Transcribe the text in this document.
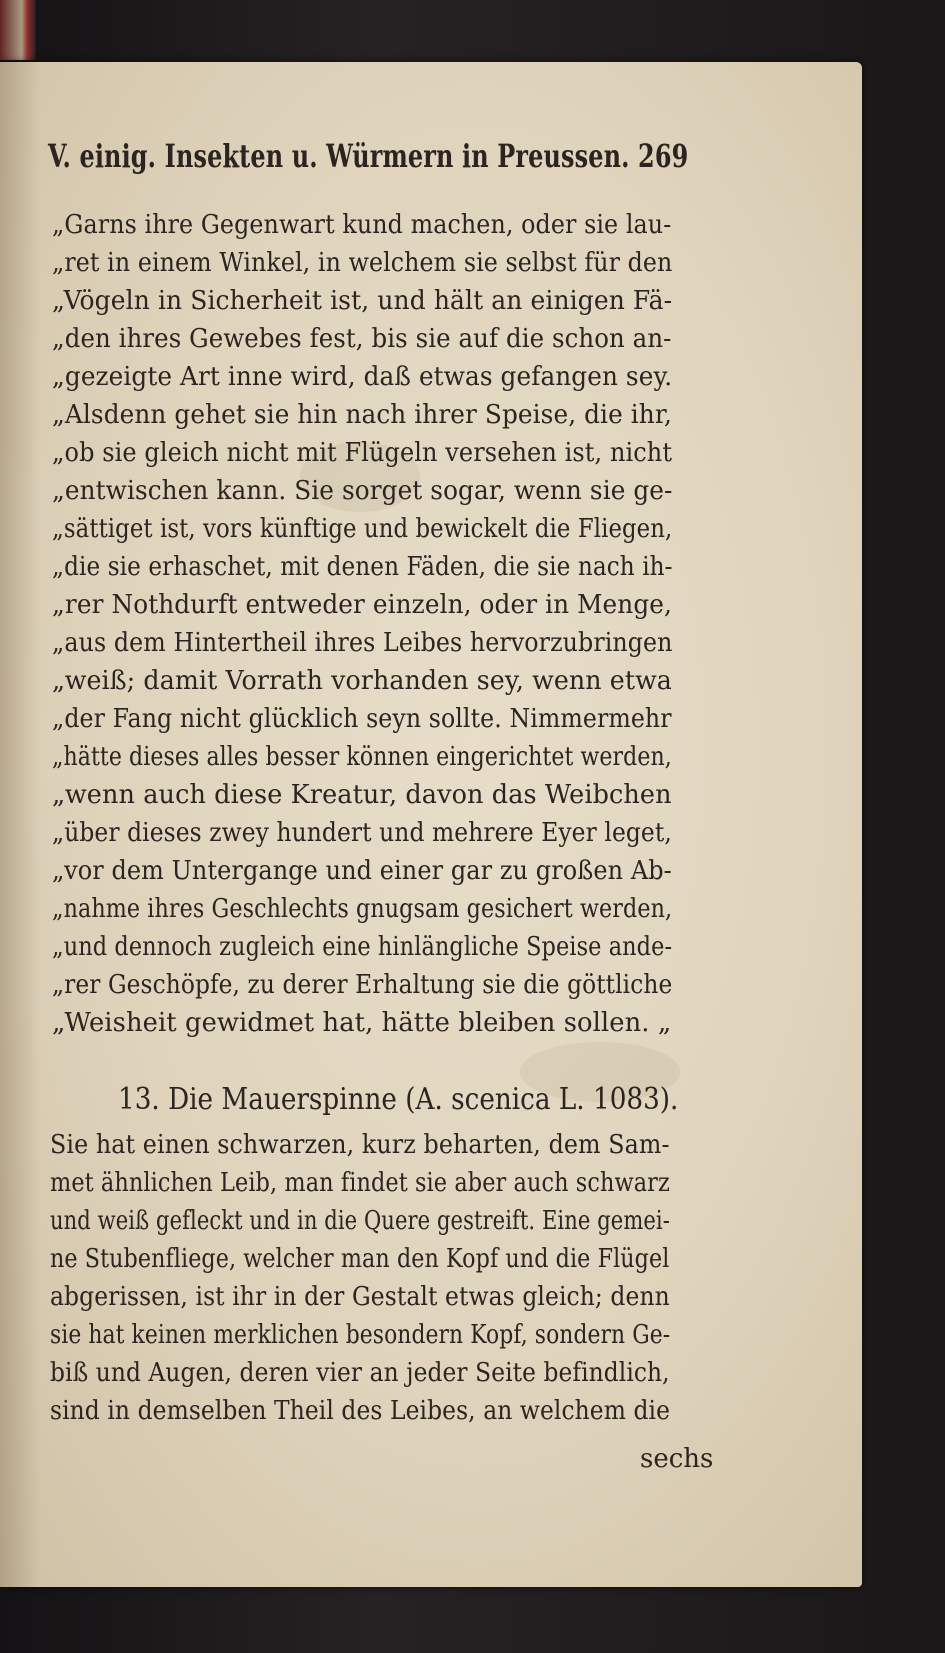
V. einig. Insekten u. Würmern in Preussen. 269
„Garns ihre Gegenwart kund machen, oder sie lau-
„ret in einem Winkel, in welchem sie selbst für den
„Vögeln in Sicherheit ist, und hält an einigen Fä-
„den ihres Gewebes fest, bis sie auf die schon an-
„gezeigte Art inne wird, daß etwas gefangen sey.
„Alsdenn gehet sie hin nach ihrer Speise, die ihr,
„ob sie gleich nicht mit Flügeln versehen ist, nicht
„entwischen kann. Sie sorget sogar, wenn sie ge-
„sättiget ist, vors künftige und bewickelt die Fliegen,
„die sie erhaschet, mit denen Fäden, die sie nach ih-
„rer Nothdurft entweder einzeln, oder in Menge,
„aus dem Hintertheil ihres Leibes hervorzubringen
„weiß; damit Vorrath vorhanden sey, wenn etwa
„der Fang nicht glücklich seyn sollte. Nimmermehr
„hätte dieses alles besser können eingerichtet werden,
„wenn auch diese Kreatur, davon das Weibchen
„über dieses zwey hundert und mehrere Eyer leget,
„vor dem Untergange und einer gar zu großen Ab-
„nahme ihres Geschlechts gnugsam gesichert werden,
„und dennoch zugleich eine hinlängliche Speise ande-
„rer Geschöpfe, zu derer Erhaltung sie die göttliche
„Weisheit gewidmet hat, hätte bleiben sollen. „
13. Die Mauerspinne (A. scenica L. 1083).
Sie hat einen schwarzen, kurz beharten, dem Sam-
met ähnlichen Leib, man findet sie aber auch schwarz
und weiß gefleckt und in die Quere gestreift. Eine gemei-
ne Stubenfliege, welcher man den Kopf und die Flügel
abgerissen, ist ihr in der Gestalt etwas gleich; denn
sie hat keinen merklichen besondern Kopf, sondern Ge-
biß und Augen, deren vier an jeder Seite befindlich,
sind in demselben Theil des Leibes, an welchem die
sechs
